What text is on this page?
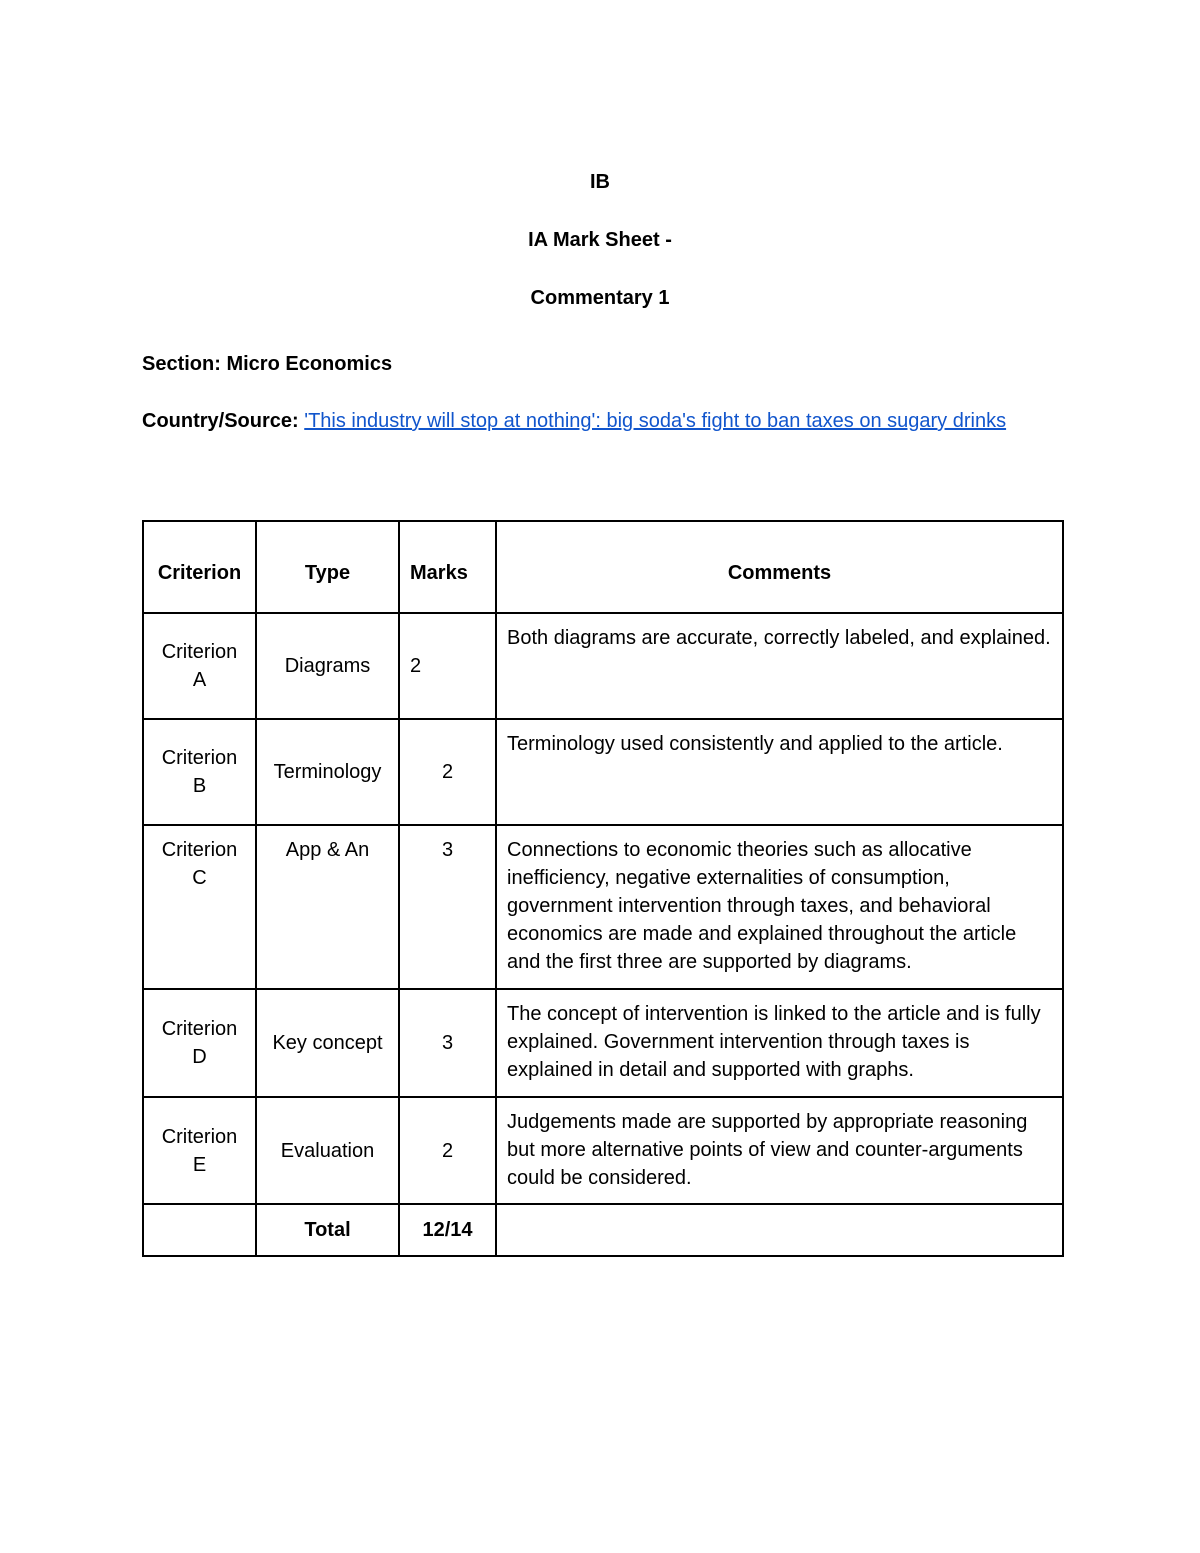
IB
IA Mark Sheet -
Commentary 1
Section: Micro Economics
Country/Source: 'This industry will stop at nothing': big soda's fight to ban taxes on sugary drinks
Criterion	Type	Marks	Comments
Criterion A	Diagrams	2	Both diagrams are accurate, correctly labeled, and explained.
Criterion B	Terminology	2	Terminology used consistently and applied to the article.
Criterion C	App & An	3	Connections to economic theories such as allocative inefficiency, negative externalities of consumption, government intervention through taxes, and behavioral economics are made and explained throughout the article and the first three are supported by diagrams.
Criterion D	Key concept	3	The concept of intervention is linked to the article and is fully explained. Government intervention through taxes is explained in detail and supported with graphs.
Criterion E	Evaluation	2	Judgements made are supported by appropriate reasoning but more alternative points of view and counter-arguments could be considered.
	Total	12/14	
